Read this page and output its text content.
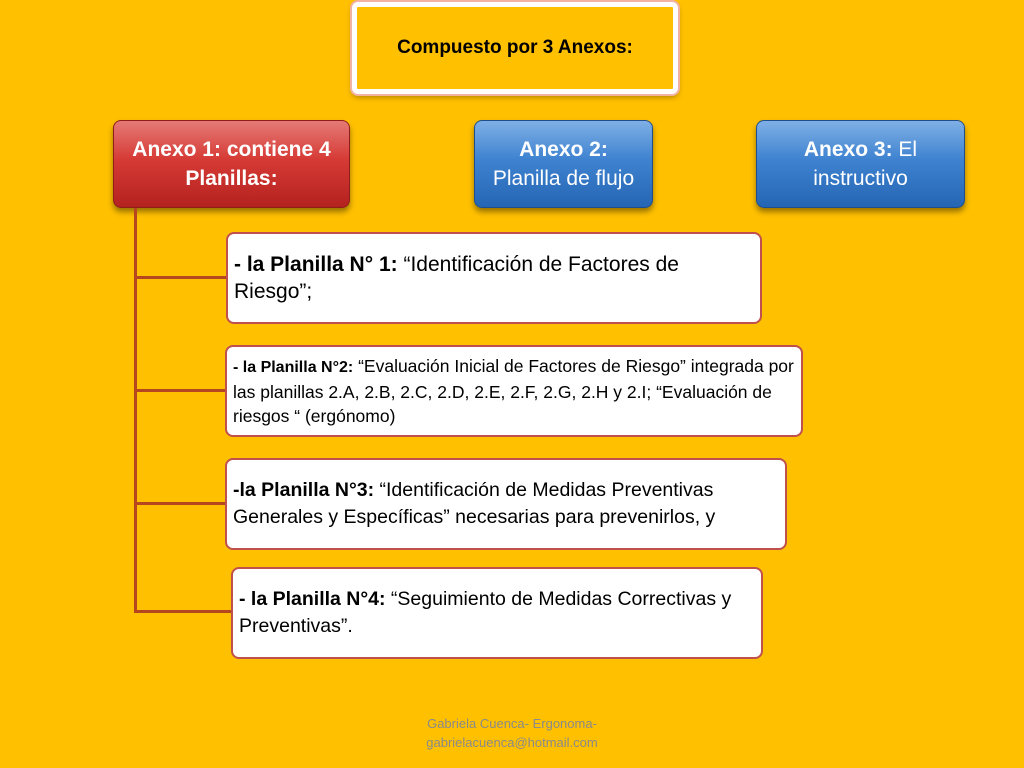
Compuesto por 3 Anexos:
Anexo 1: contiene 4
Planillas:
Anexo 2:
Planilla de flujo
Anexo 3: El
instructivo
- la Planilla N° 1: “Identificación de Factores de Riesgo”;
- la Planilla N°2: “Evaluación Inicial de Factores de Riesgo” integrada por las planillas 2.A, 2.B, 2.C, 2.D, 2.E, 2.F, 2.G, 2.H y 2.I; “Evaluación de riesgos “ (ergónomo)
-la Planilla N°3: “Identificación de Medidas Preventivas Generales y Específicas” necesarias para prevenirlos, y
- la Planilla N°4: “Seguimiento de Medidas Correctivas y Preventivas”.
Gabriela Cuenca- Ergonoma-
gabrielacuenca@hotmail.com
